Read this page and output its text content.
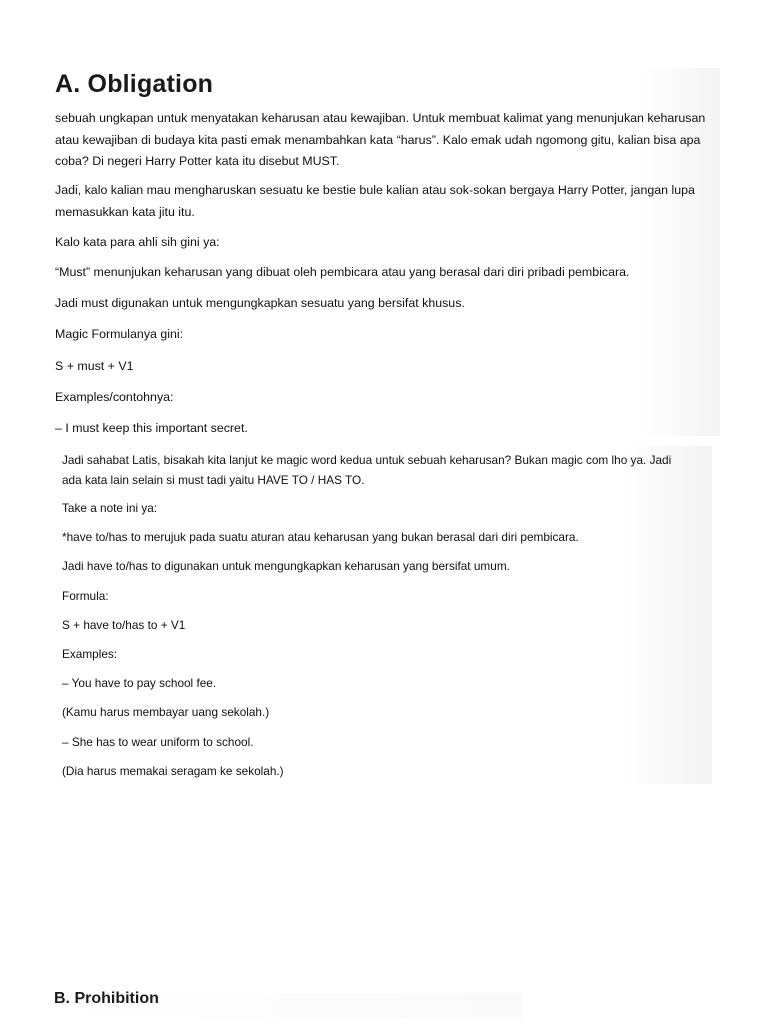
A. Obligation

sebuah ungkapan untuk menyatakan keharusan atau kewajiban. Untuk membuat kalimat yang menunjukan keharusan atau kewajiban di budaya kita pasti emak menambahkan kata “harus”. Kalo emak udah ngomong gitu, kalian bisa apa coba? Di negeri Harry Potter kata itu disebut MUST.

Jadi, kalo kalian mau mengharuskan sesuatu ke bestie bule kalian atau sok-sokan bergaya Harry Potter, jangan lupa memasukkan kata jitu itu.

Kalo kata para ahli sih gini ya:

“Must” menunjukan keharusan yang dibuat oleh pembicara atau yang berasal dari diri pribadi pembicara.

Jadi must digunakan untuk mengungkapkan sesuatu yang bersifat khusus.

Magic Formulanya gini:

S + must + V1

Examples/contohnya:

– I must keep this important secret.

Jadi sahabat Latis, bisakah kita lanjut ke magic word kedua untuk sebuah keharusan? Bukan magic com lho ya. Jadi ada kata lain selain si must tadi yaitu HAVE TO / HAS TO.

Take a note ini ya:

*have to/has to merujuk pada suatu aturan atau keharusan yang bukan berasal dari diri pembicara.

Jadi have to/has to digunakan untuk mengungkapkan keharusan yang bersifat umum.

Formula:

S + have to/has to + V1

Examples:

– You have to pay school fee.

(Kamu harus membayar uang sekolah.)

– She has to wear uniform to school.

(Dia harus memakai seragam ke sekolah.)

B. Prohibition
